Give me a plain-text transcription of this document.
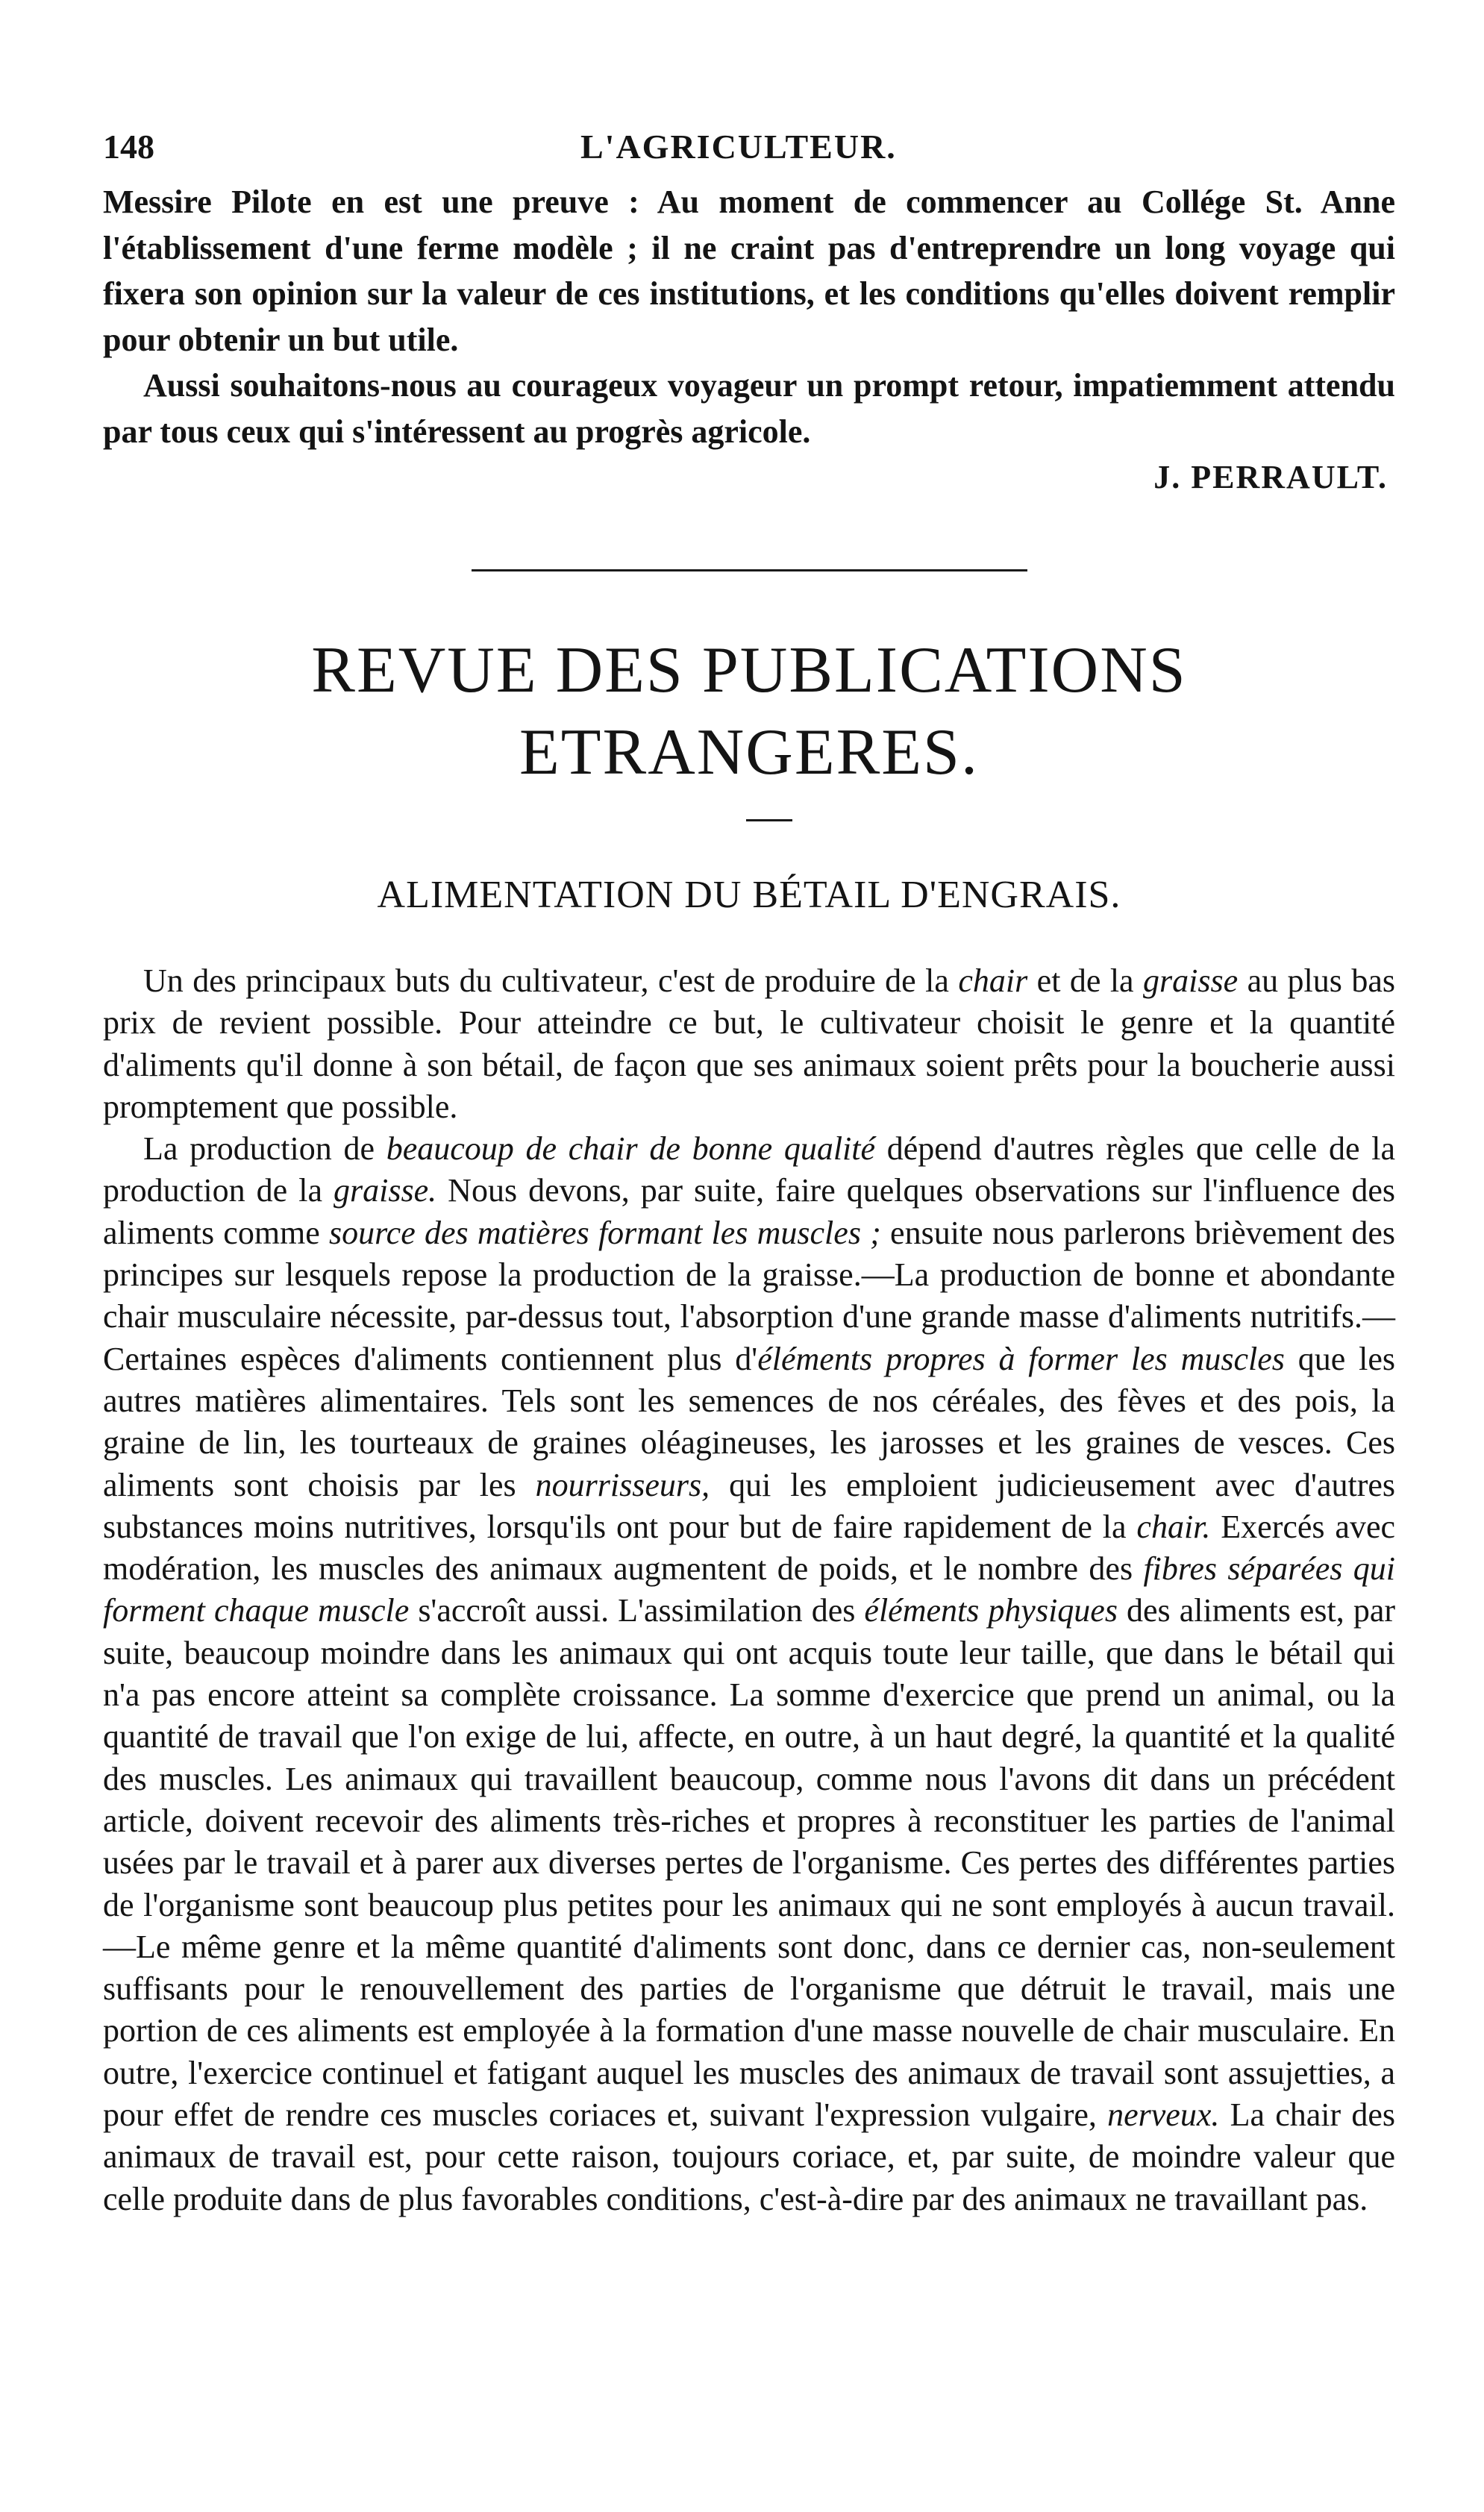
148	L'AGRICULTEUR.

Messire Pilote en est une preuve : Au moment de commencer au Collége St. Anne l'établissement d'une ferme modèle ; il ne craint pas d'entreprendre un long voyage qui fixera son opinion sur la valeur de ces institutions, et les conditions qu'elles doivent remplir pour obtenir un but utile.

Aussi souhaitons-nous au courageux voyageur un prompt retour, impatiemment attendu par tous ceux qui s'intéressent au progrès agricole.

J. PERRAULT.

REVUE DES PUBLICATIONS ETRANGERES.
ALIMENTATION DU BÉTAIL D'ENGRAIS.

Un des principaux buts du cultivateur, c'est de produire de la chair et de la graisse au plus bas prix de revient possible. Pour atteindre ce but, le cultivateur choisit le genre et la quantité d'aliments qu'il donne à son bétail, de façon que ses animaux soient prêts pour la boucherie aussi promptement que possible.

La production de beaucoup de chair de bonne qualité dépend d'autres règles que celle de la production de la graisse. Nous devons, par suite, faire quelques observations sur l'influence des aliments comme source des matières formant les muscles ; ensuite nous parlerons brièvement des principes sur lesquels repose la production de la graisse.—La production de bonne et abondante chair musculaire nécessite, par-dessus tout, l'absorption d'une grande masse d'aliments nutritifs.—Certaines espèces d'aliments contiennent plus d'éléments propres à former les muscles que les autres matières alimentaires. Tels sont les semences de nos céréales, des fèves et des pois, la graine de lin, les tourteaux de graines oléagineuses, les jarosses et les graines de vesces. Ces aliments sont choisis par les nourrisseurs, qui les emploient judicieusement avec d'autres substances moins nutritives, lorsqu'ils ont pour but de faire rapidement de la chair. Exercés avec modération, les muscles des animaux augmentent de poids, et le nombre des fibres séparées qui forment chaque muscle s'accroît aussi. L'assimilation des éléments physiques des aliments est, par suite, beaucoup moindre dans les animaux qui ont acquis toute leur taille, que dans le bétail qui n'a pas encore atteint sa complète croissance. La somme d'exercice que prend un animal, ou la quantité de travail que l'on exige de lui, affecte, en outre, à un haut degré, la quantité et la qualité des muscles. Les animaux qui travaillent beaucoup, comme nous l'avons dit dans un précédent article, doivent recevoir des aliments très-riches et propres à reconstituer les parties de l'animal usées par le travail et à parer aux diverses pertes de l'organisme. Ces pertes des différentes parties de l'organisme sont beaucoup plus petites pour les animaux qui ne sont employés à aucun travail.—Le même genre et la même quantité d'aliments sont donc, dans ce dernier cas, non-seulement suffisants pour le renouvellement des parties de l'organisme que détruit le travail, mais une portion de ces aliments est employée à la formation d'une masse nouvelle de chair musculaire. En outre, l'exercice continuel et fatigant auquel les muscles des animaux de travail sont assujetties, a pour effet de rendre ces muscles coriaces et, suivant l'expression vulgaire, nerveux. La chair des animaux de travail est, pour cette raison, toujours coriace, et, par suite, de moindre valeur que celle produite dans de plus favorables conditions, c'est-à-dire par des animaux ne travaillant pas.
